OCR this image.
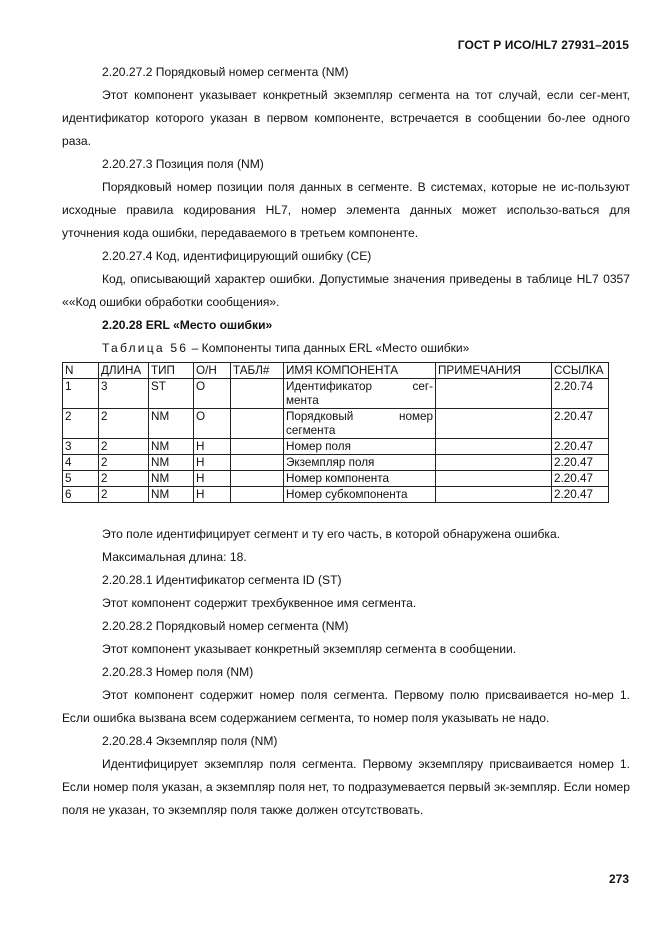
ГОСТ Р ИСО/HL7 27931–2015

2.20.27.2 Порядковый номер сегмента (NM)

Этот компонент указывает конкретный экземпляр сегмента на тот случай, если сег-мент, идентификатор которого указан в первом компоненте, встречается в сообщении бо-лее одного раза.

2.20.27.3 Позиция поля (NM)

Порядковый номер позиции поля данных в сегменте. В системах, которые не ис-пользуют исходные правила кодирования HL7, номер элемента данных может использо-ваться для уточнения кода ошибки, передаваемого в третьем компоненте.

2.20.27.4 Код, идентифицирующий ошибку (CE)

Код, описывающий характер ошибки. Допустимые значения приведены в таблице HL7 0357 ««Код ошибки обработки сообщения».

2.20.28 ERL «Место ошибки»

Таблица 56 – Компоненты типа данных ERL «Место ошибки»

N	ДЛИНА	ТИП	О/Н	ТАБЛ#	ИМЯ КОМПОНЕНТА	ПРИМЕЧАНИЯ	ССЫЛКА
1	3	ST	О		Идентификатор сег-
мента		2.20.74
2	2	NM	О		Порядковый номер
сегмента		2.20.47
3	2	NM	Н		Номер поля		2.20.47
4	2	NM	Н		Экземпляр поля		2.20.47
5	2	NM	Н		Номер компонента		2.20.47
6	2	NM	Н		Номер субкомпонента		2.20.47

Это поле идентифицирует сегмент и ту его часть, в которой обнаружена ошибка.

Максимальная длина: 18.

2.20.28.1 Идентификатор сегмента ID (ST)

Этот компонент содержит трехбуквенное имя сегмента.

2.20.28.2 Порядковый номер сегмента (NM)

Этот компонент указывает конкретный экземпляр сегмента в сообщении.

2.20.28.3 Номер поля (NM)

Этот компонент содержит номер поля сегмента. Первому полю присваивается но-мер 1. Если ошибка вызвана всем содержанием сегмента, то номер поля указывать не надо.

2.20.28.4 Экземпляр поля (NM)

Идентифицирует экземпляр поля сегмента. Первому экземпляру присваивается номер 1. Если номер поля указан, а экземпляр поля нет, то подразумевается первый эк-земпляр. Если номер поля не указан, то экземпляр поля также должен отсутствовать.

273
